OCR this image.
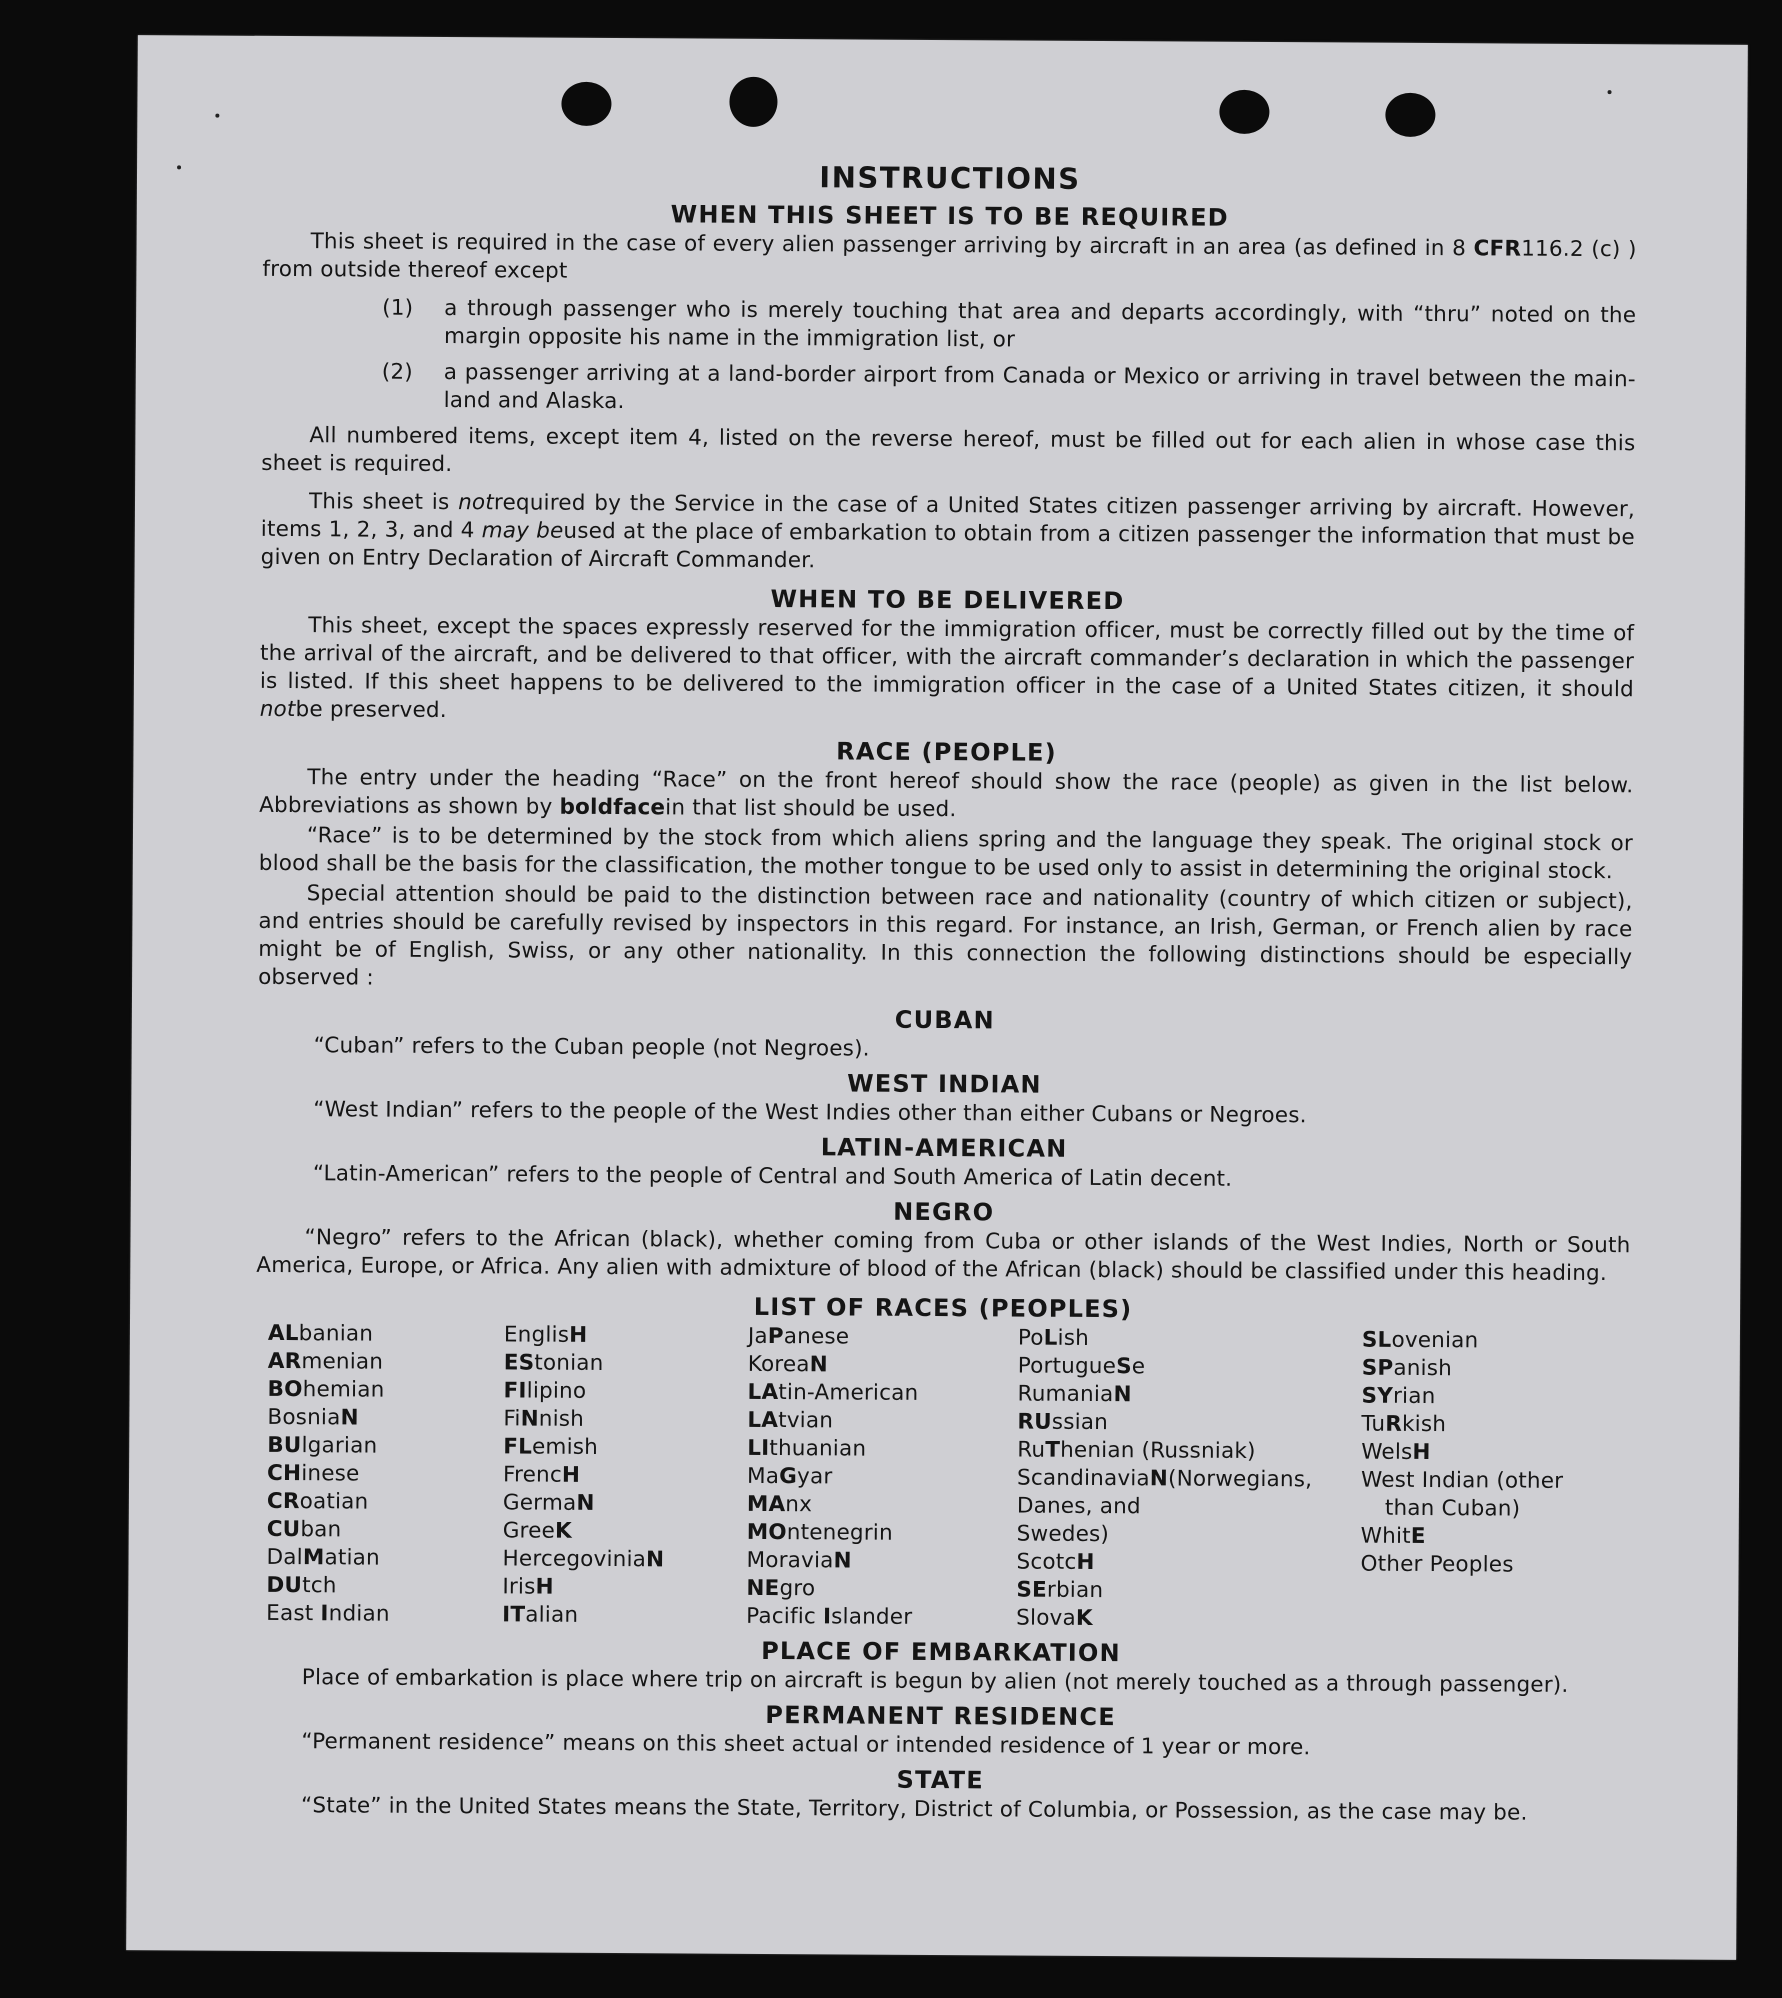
INSTRUCTIONS
WHEN THIS SHEET IS TO BE REQUIRED

This sheet is required in the case of every alien passenger arriving by aircraft in an area (as defined in 8 CFR116.2 (c) ) from outside thereof except

(1)	a through passenger who is merely touching that area and departs accordingly, with “thru” noted on the margin opposite his name in the immigration list, or
(2)	a passenger arriving at a land-border airport from Canada or Mexico or arriving in travel between the main-land and Alaska.

All numbered items, except item 4, listed on the reverse hereof, must be filled out for each alien in whose case this sheet is required.

This sheet is notrequired by the Service in the case of a United States citizen passenger arriving by aircraft. However, items 1, 2, 3, and 4 may beused at the place of embarkation to obtain from a citizen passenger the information that must be given on Entry Declaration of Aircraft Commander.

WHEN TO BE DELIVERED

This sheet, except the spaces expressly reserved for the immigration officer, must be correctly filled out by the time of the arrival of the aircraft, and be delivered to that officer, with the aircraft commander’s declaration in which the passenger is listed. If this sheet happens to be delivered to the immigration officer in the case of a United States citizen, it should notbe preserved.

RACE (PEOPLE)

The entry under the heading “Race” on the front hereof should show the race (people) as given in the list below. Abbreviations as shown by boldfacein that list should be used.

“Race” is to be determined by the stock from which aliens spring and the language they speak. The original stock or blood shall be the basis for the classification, the mother tongue to be used only to assist in determining the original stock.

Special attention should be paid to the distinction between race and nationality (country of which citizen or subject), and entries should be carefully revised by inspectors in this regard. For instance, an Irish, German, or French alien by race might be of English, Swiss, or any other nationality. In this connection the following distinctions should be especially observed :

CUBAN
“Cuban” refers to the Cuban people (not Negroes).
WEST INDIAN
“West Indian” refers to the people of the West Indies other than either Cubans or Negroes.
LATIN-AMERICAN
“Latin-American” refers to the people of Central and South America of Latin decent.
NEGRO

“Negro” refers to the African (black), whether coming from Cuba or other islands of the West Indies, North or South America, Europe, or Africa. Any alien with admixture of blood of the African (black) should be classified under this heading.

LIST OF RACES (PEOPLES)
ALbanian
ARmenian
BOhemian
BosniaN
BUlgarian
CHinese
CRoatian
CUban
DalMatian
DUtch
East Indian
EnglisH
EStonian
FIlipino
FiNnish
FLemish
FrencH
GermaN
GreeK
HercegoviniaN
IrisH
ITalian
JaPanese
KoreaN
LAtin-American
LAtvian
LIthuanian
MaGyar
MAnx
MOntenegrin
MoraviaN
NEgro
Pacific Islander
PoLish
PortugueSe
RumaniaN
RUssian
RuThenian (Russniak)
ScandinaviaN(Norwegians,
Danes, and
Swedes)
ScotcH
SErbian
SlovaK
SLovenian
SPanish
SYrian
TuRkish
WelsH
West Indian (other
than Cuban)
WhitE
Other Peoples
PLACE OF EMBARKATION
Place of embarkation is place where trip on aircraft is begun by alien (not merely touched as a through passenger).
PERMANENT RESIDENCE
“Permanent residence” means on this sheet actual or intended residence of 1 year or more.
STATE
“State” in the United States means the State, Territory, District of Columbia, or Possession, as the case may be.
